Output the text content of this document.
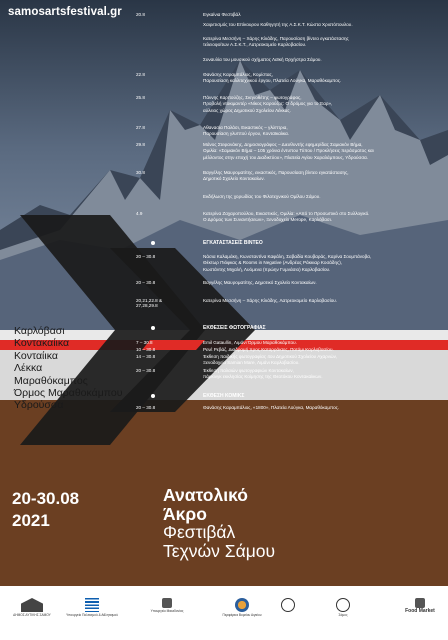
samosartsfestival.gr	20.8	Εγκαίνια Φεστιβάλ
Χαιρετισμός του Επίκουρου Καθηγητή της Α.Σ.Κ.Τ. Κώστα Χριστόπουλου.
Κατερίνα Μεσσήνη – Χάρης Κλιάδης, Παρουσίαση βίντεο εγκατάστασης
τελειοφοίτων Α.Σ.Κ.Τ., Λατρεοκομείο Καρλοβασίου.
Συναυλία του μουσικού σχήματος Λαϊκή Ορχήστρα Σάμου.
22.8	Θανάσης Καραμπάλιος, Κομίστας,
Παρουσίαση καλλιτεχνικού έργου, Πλατεία Λούγκα, Μαραθόκαμπος.
25.8	Πάννης Καρπούζης, Σκηνοθέτης – φωτογράφος,
Προβολή ντοκιμαντέρ «Νίκος Καρούζος: Ο δρόμος για το Έαρ»,
αύλειος χώρος Δημοτικού Σχολείου Λέκκας.
27.8	Αθανασία Παλάσι, Εικαστικός – γλύπτρια,
Παρουσίαση γλυπτού έργου, Κονταϊκαίικα.
29.8	Μάνος Στεφανάκης, Δημοσιογράφος – Διευθυντής εφημερίδας Σαμιακόν Βήμα,
Ομιλία: «Σαμιακόν Βήμα – 105 χρόνια έντυπου Τύπου / Προκλήσεις περάσματος και
μέλλοντος στην εποχή του Διαδικτύου», Πλατεία Αγίου Χαραλάμπους, Υδρούσσα.
30.8	Βαγγέλης Μαυροματίτης, εικαστικός, Παρουσίαση βίντεο εγκατάστασης,
Δημοτικό Σχολείο Κοντακαίων.
Εκδήλωση της χορωδίας του Φιλοτεχνικού Ομίλου Σάμου.
4.9	Κατερίνα Ζαχαροπούλου, Εικαστικός, Ομιλία: «Από το Προσωπικό στο Συλλογικό.
Ο Δρόμος των Συναντήσεων», Ξενοδοχείο Merope, Καρλόβασι.
ΕΓΚΑΤΑΣΤΑΣΕΙΣ ΒΙΝΤΕΟ
20 – 30.8	Νάσια Καλαμάκη, Κωνσταντίνα Καφάλη, Σαβαδία Κουβαράς, Καρίνα Σουμπάνοβα,
Θέκτωρ Πιόφκας & Rooms in Negative (Ανδρέας Ράκκιαρ Κοσάδης),
Κωστάντης Μιχαλή, Λυόμενα (πρώην Γυμνάσιο) Καρλοβασίου.
20 – 30.8	Βαγγέλης Μαυροματίτης, Δημοτικό Σχολείο Κοντακαίων.
20,21,22.8 &
27,28,29.8
Κατερίνα Μεσσήνη – Χάρης Κλιάδης, Λατρεοκομείο Καρλοβασίου.
ΕΚΘΕΣΕΙΣ ΦΩΤΟΓΡΑΦΙΑΣ
7 – 30.8	Emil Gataullin, Λιμάνι Όρμου Μαραθοκάμπου.
10 – 30.8	Ρενέ Ρεβάζ, Διαδρομή προς Καταρράκτες, Ποτάμι Καρλοβασίου.
14 – 30.8	Έκθεση παιδικής φωτογραφίας 4ου Δημοτικού Σχολείου Αχαρνών,
Ξενοδοχείο Samian Mare, Λιμάνι Καρλοβασίου.
20 – 30.8	Έκθεση παλαιών φωτογραφιών Κοντακαίων,
πάρκινγκ εκκλησίας Κοίμησης της Θεοτόκου Κοντακαίικων.
ΕΚΘΕΣΗ ΚΟΜΙΚΣ
20 – 30.8	Θανάσης Καραμπάλιος, «1800», Πλατεία Λούγκα, Μαραθόκαμπος.
Καρλόβασι
Κοντακαίικα
Κονταίικα
Λέκκα
Μαραθόκαμπος
Όρμος Μαραθοκάμπου
Υδρούσσα
20-30.08
2021
Ανατολικό
Άκρο
Φεστιβάλ
Τεχνών Σάμου
ΔΗΜΟΣ ΔΥΤΙΚΗΣ ΣΑΜΟΥ	Υπουργείο Πολιτισμού & Αθλητισμού
Υπουργείο Μακεδονίας
Περιφέρεια Βορείου Αιγαίου	Σάμος
Food Market
